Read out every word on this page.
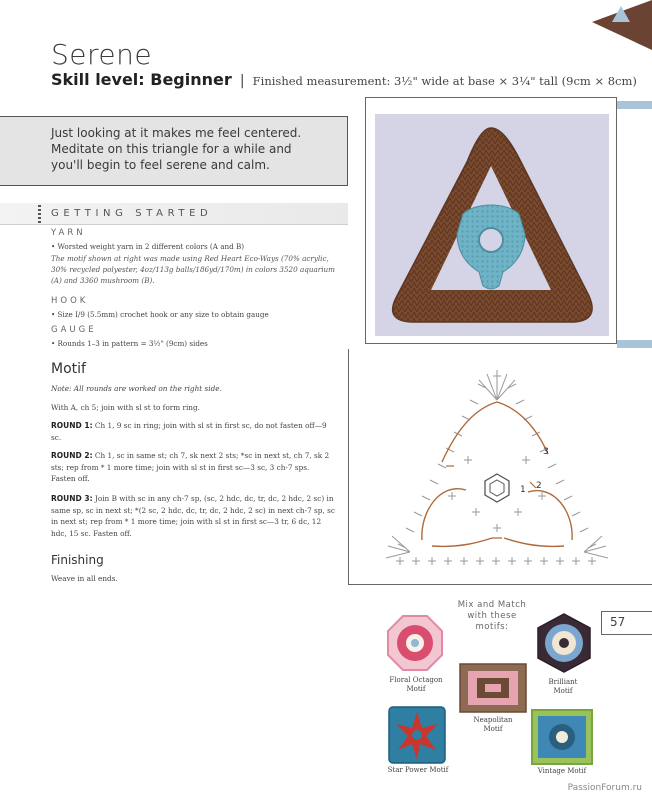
Serene
Skill level: Beginner | Finished measurement: 3½" wide at base × 3¼" tall (9cm × 8cm)
Just looking at it makes me feel centered. Meditate on this triangle for a while and you'll begin to feel serene and calm.
GETTING STARTED
YARN
• Worsted weight yarn in 2 different colors (A and B)
The motif shown at right was made using Red Heart Eco-Ways (70% acrylic, 30% recycled polyester, 4oz/113g balls/186yd/170m) in colors 3520 aquarium (A) and 3360 mushroom (B).
HOOK
• Size I/9 (5.5mm) crochet hook or any size to obtain gauge
GAUGE
• Rounds 1–3 in pattern = 3½" (9cm) sides
Motif
Note: All rounds are worked on the right side.
With A, ch 5; join with sl st to form ring.
ROUND 1: Ch 1, 9 sc in ring; join with sl st in first sc, do not fasten off—9 sc.
ROUND 2: Ch 1, sc in same st; ch 7, sk next 2 sts; *sc in next st, ch 7, sk 2 sts; rep from * 1 more time; join with sl st in first sc—3 sc, 3 ch-7 sps. Fasten off.
ROUND 3: Join B with sc in any ch-7 sp, (sc, 2 hdc, dc, tr, dc, 2 hdc, 2 sc) in same sp, sc in next st; *(2 sc, 2 hdc, dc, tr, dc, 2 hdc, 2 sc) in next ch-7 sp, sc in next st; rep from * 1 more time; join with sl st in first sc—3 tr, 6 dc, 12 hdc, 15 sc. Fasten off.
Finishing
Weave in all ends.
1 2
3
57
Mix and Match
with these
motifs:
Floral Octagon
Motif
Brilliant
Motif
Neapolitan
Motif
Star Power Motif	Vintage Motif
PassionForum.ru
